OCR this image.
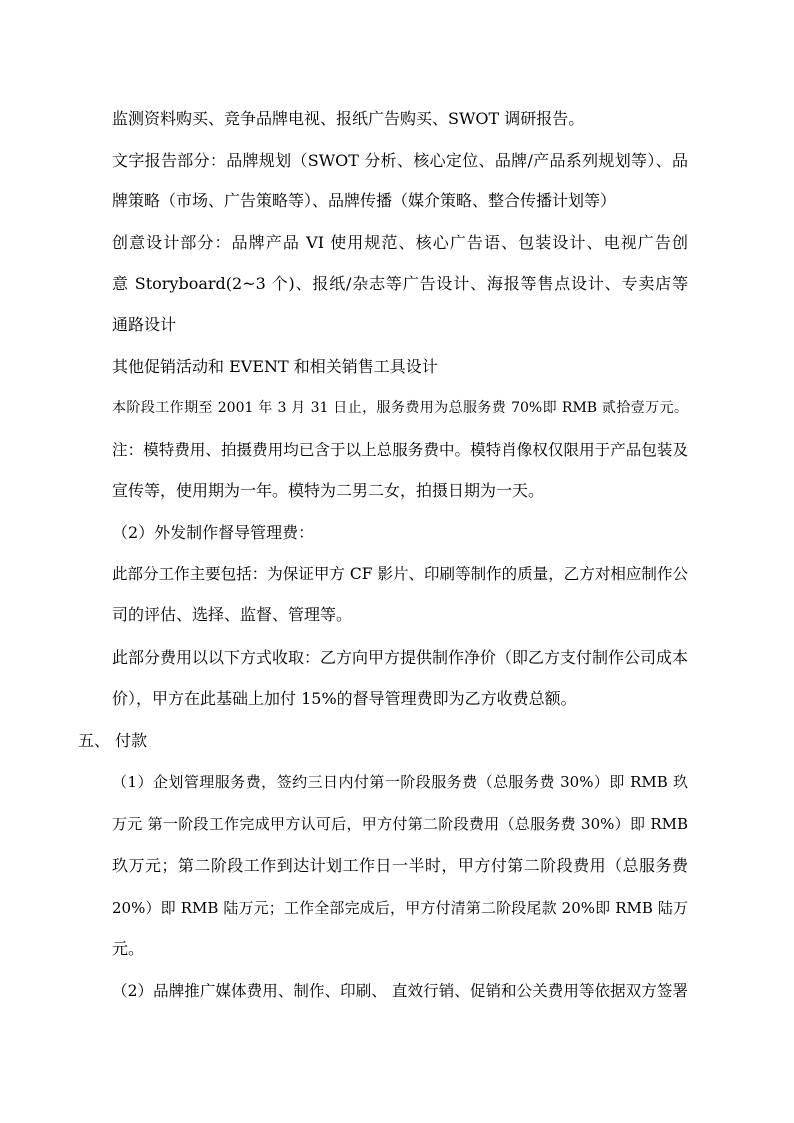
监测资料购买、竞争品牌电视、报纸广告购买、SWOT 调研报告。
文字报告部分：品牌规划（SWOT 分析、核心定位、品牌/产品系列规划等）、品
牌策略（市场、广告策略等）、品牌传播（媒介策略、整合传播计划等）
创意设计部分：品牌产品 VI 使用规范、核心广告语、包装设计、电视广告创
意 Storyboard(2~3 个)、报纸/杂志等广告设计、海报等售点设计、专卖店等
通路设计
其他促销活动和 EVENT 和相关销售工具设计
本阶段工作期至 2001 年 3 月 31 日止，服务费用为总服务费 70%即 RMB 贰拾壹万元。
注：模特费用、拍摄费用均已含于以上总服务费中。模特肖像权仅限用于产品包装及
宣传等，使用期为一年。模特为二男二女，拍摄日期为一天。
（2）外发制作督导管理费：
此部分工作主要包括：为保证甲方 CF 影片、印刷等制作的质量，乙方对相应制作公
司的评估、选择、监督、管理等。
此部分费用以以下方式收取：乙方向甲方提供制作净价（即乙方支付制作公司成本
价），甲方在此基础上加付 15%的督导管理费即为乙方收费总额。
五、 付款
（1）企划管理服务费，签约三日内付第一阶段服务费（总服务费 30%）即 RMB 玖
万元 第一阶段工作完成甲方认可后，甲方付第二阶段费用（总服务费 30%）即 RMB
玖万元；第二阶段工作到达计划工作日一半时，甲方付第二阶段费用（总服务费
20%）即 RMB 陆万元；工作全部完成后，甲方付清第二阶段尾款 20%即 RMB 陆万
元。
（2）品牌推广媒体费用、制作、印刷、 直效行销、促销和公关费用等依据双方签署
